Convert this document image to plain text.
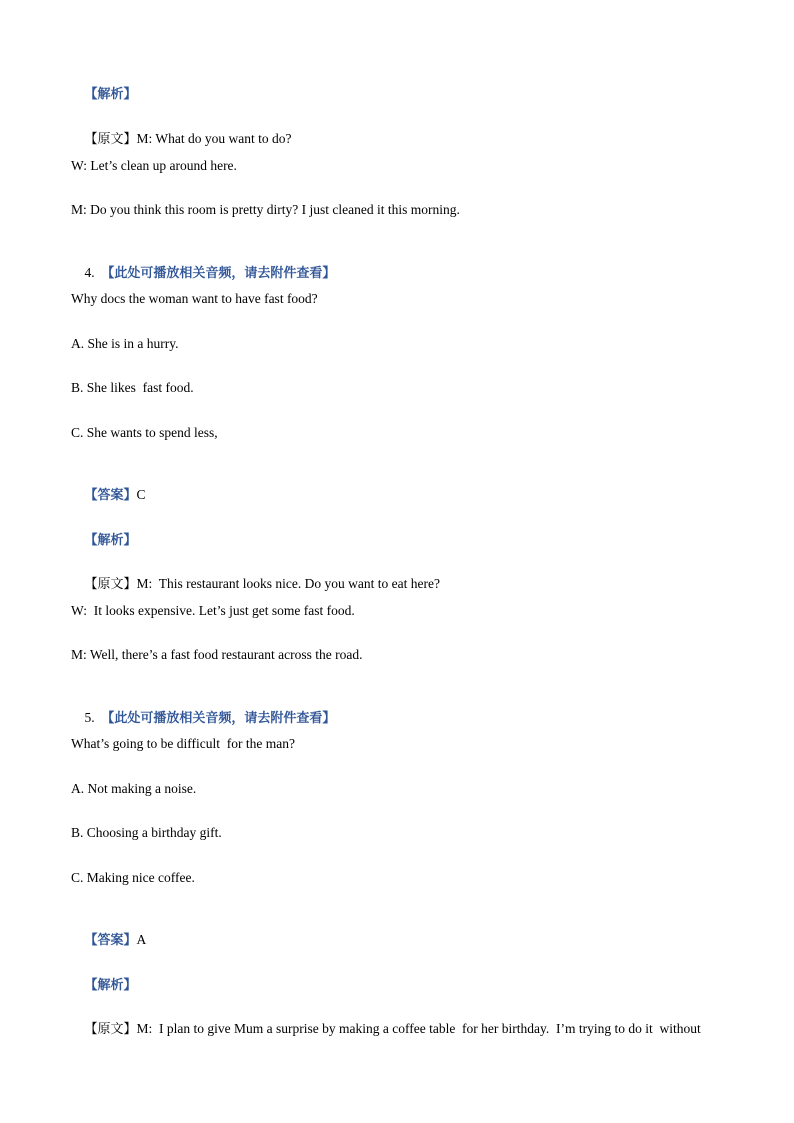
【解析】

【原文】M: What do you want to do?

W: Let’s clean up around here.
M: Do you think this room is pretty dirty? I just cleaned it this morning.

4.  【此处可播放相关音频，请去附件查看】

Why docs the woman want to have fast food?
A. She is in a hurry.
B. She likes  fast food.
C. She wants to spend less,

【答案】C

【解析】

【原文】M:  This restaurant looks nice. Do you want to eat here?

W:  It looks expensive. Let’s just get some fast food.
M: Well, there’s a fast food restaurant across the road.

5.  【此处可播放相关音频，请去附件查看】

What’s going to be difficult  for the man?
A. Not making a noise.
B. Choosing a birthday gift.
C. Making nice coffee.

【答案】A

【解析】

【原文】M:  I plan to give Mum a surprise by making a coffee table  for her birthday.  I’m trying to do it  without
